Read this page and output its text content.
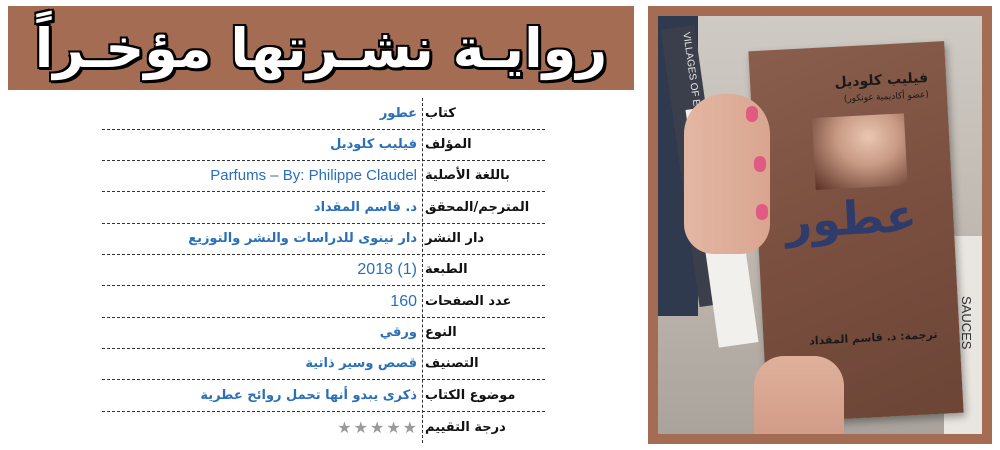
روايـة نشـرتها مؤخـراً
كتاب
عطور
المؤلف
فيليب كلوديل
باللغة الأصلية
Parfums – By: Philippe Claudel
المترجم/المحقق
د. قاسم المقداد
دار النشر
دار نينوى للدراسات والنشر والتوزيع
الطبعة
(1) 2018
عدد الصفحات
160
النوع
ورقي
التصنيف
قصص وسير ذاتية
موضوع الكتاب
ذكرى يبدو أنها تحمل روائح عطرية
درجة التقييم
★ ★ ★ ★ ★
VILLAGES OF E
SAUCES
فيليب كلوديل
(عضو أكاديمية غونكور)
عطور
ترجمة: د. قاسم المقداد
